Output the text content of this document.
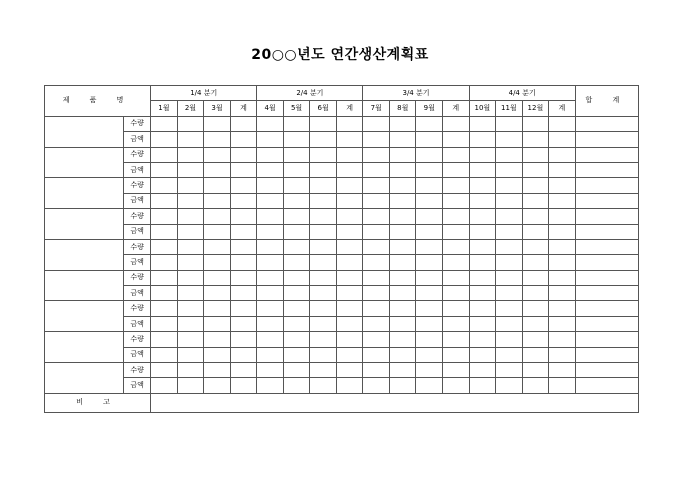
20○○년도 연간생산계획표
제 품 명		1/4 분기				2/4 분기				3/4 분기				4/4 분기				합 계
		1월	2월	3월	계	4월	5월	6월	계	7월	8월	9월	계	10월	11월	12월	계	
	수량																	
	금액																	
	수량																	
	금액																	
	수량																	
	금액																	
	수량																	
	금액																	
	수량																	
	금액																	
	수량																	
	금액																	
	수량																	
	금액																	
	수량																	
	금액																	
	수량																	
	금액																	
비 고																		
